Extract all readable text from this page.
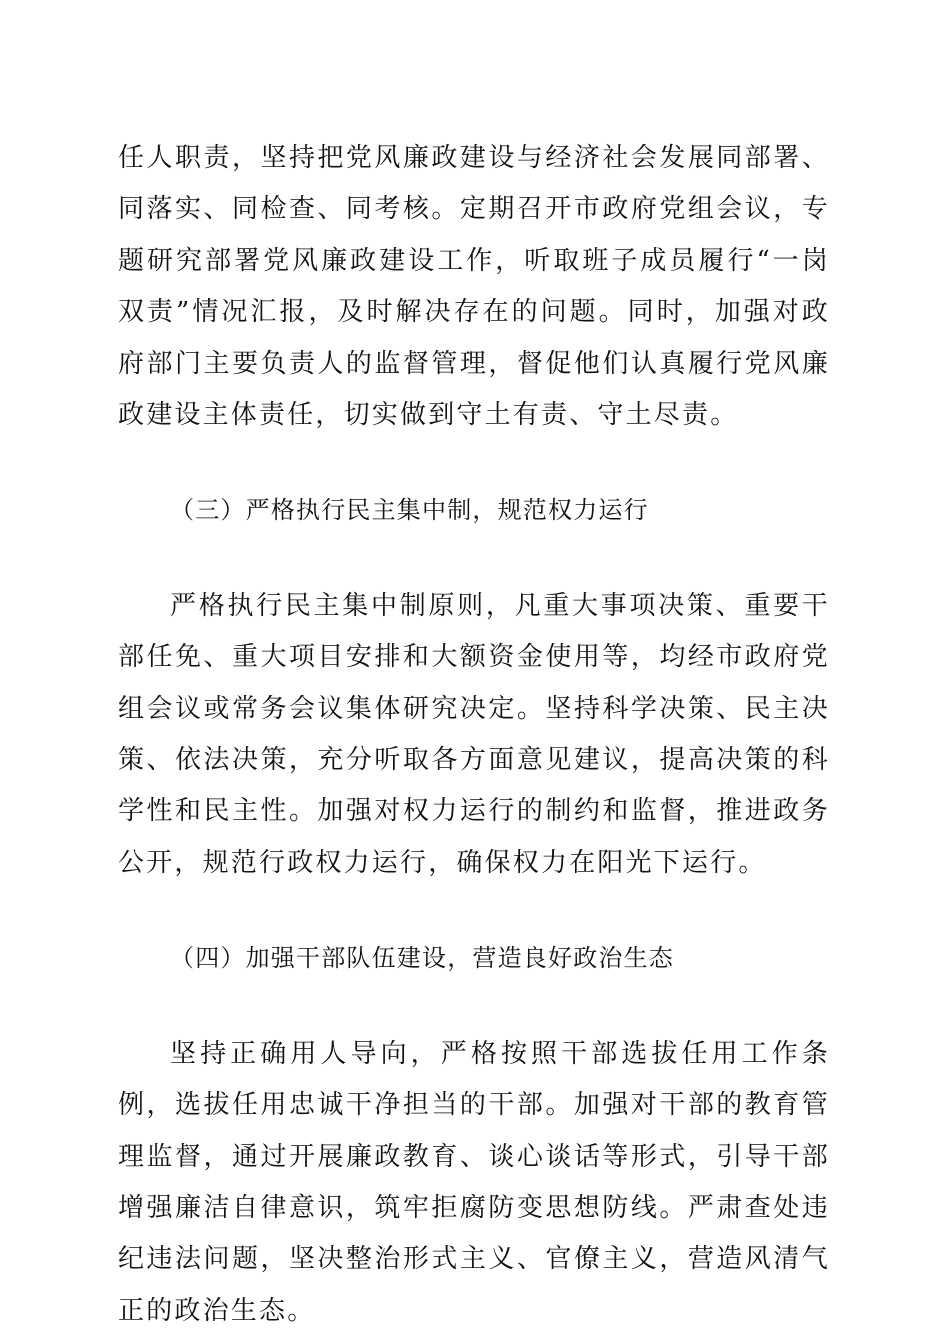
任人职责，坚持把党风廉政建设与经济社会发展同部署、同落实、同检查、同考核。定期召开市政府党组会议，专题研究部署党风廉政建设工作，听取班子成员履行“一岗双责”情况汇报，及时解决存在的问题。同时，加强对政府部门主要负责人的监督管理，督促他们认真履行党风廉政建设主体责任，切实做到守土有责、守土尽责。

（三）严格执行民主集中制，规范权力运行

严格执行民主集中制原则，凡重大事项决策、重要干部任免、重大项目安排和大额资金使用等，均经市政府党组会议或常务会议集体研究决定。坚持科学决策、民主决策、依法决策，充分听取各方面意见建议，提高决策的科学性和民主性。加强对权力运行的制约和监督，推进政务公开，规范行政权力运行，确保权力在阳光下运行。

（四）加强干部队伍建设，营造良好政治生态

坚持正确用人导向，严格按照干部选拔任用工作条例，选拔任用忠诚干净担当的干部。加强对干部的教育管理监督，通过开展廉政教育、谈心谈话等形式，引导干部增强廉洁自律意识，筑牢拒腐防变思想防线。严肃查处违纪违法问题，坚决整治形式主义、官僚主义，营造风清气正的政治生态。
